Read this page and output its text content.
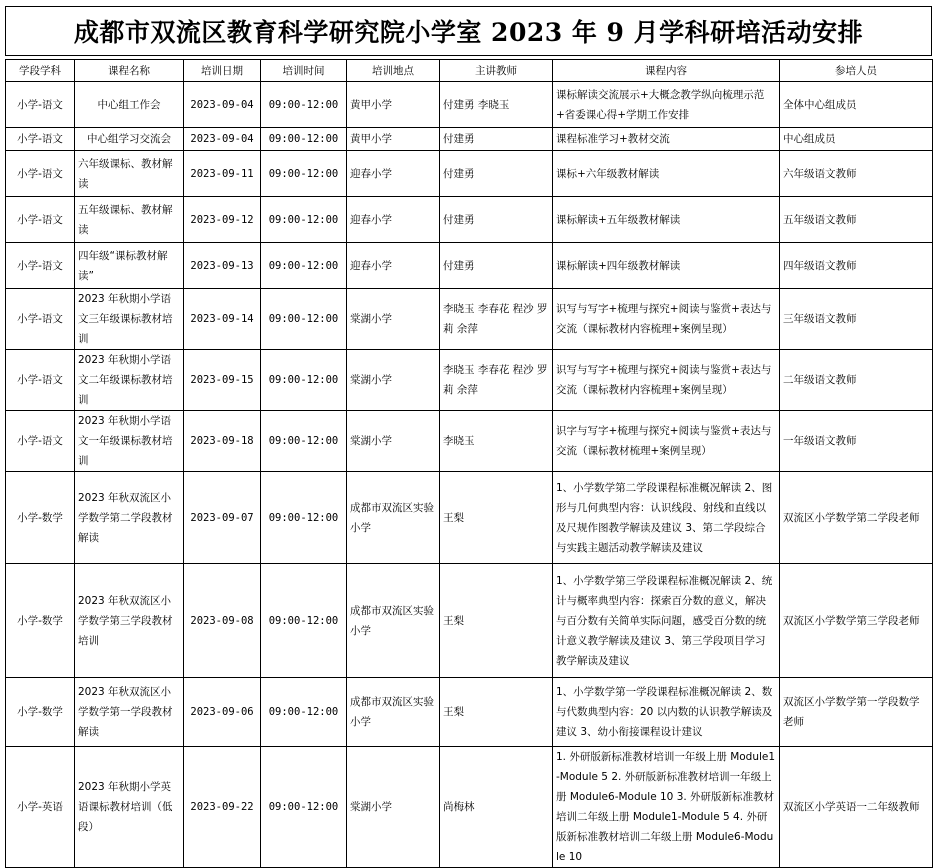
成都市双流区教育科学研究院小学室 2023 年 9 月学科研培活动安排
学段学科	课程名称	培训日期	培训时间	培训地点	主讲教师	课程内容	参培人员
小学-语文	中心组工作会	2023-09-04	09:00-12:00	黄甲小学	付建勇 李晓玉	课标解读交流展示+大概念教学纵向梳理示范+省委课心得+学期工作安排	全体中心组成员
小学-语文	中心组学习交流会	2023-09-04	09:00-12:00	黄甲小学	付建勇	课程标准学习+教材交流	中心组成员
小学-语文	六年级课标、教材解读	2023-09-11	09:00-12:00	迎春小学	付建勇	课标+六年级教材解读	六年级语文教师
小学-语文	五年级课标、教材解读	2023-09-12	09:00-12:00	迎春小学	付建勇	课标解读+五年级教材解读	五年级语文教师
小学-语文	四年级“课标教材解读”	2023-09-13	09:00-12:00	迎春小学	付建勇	课标解读+四年级教材解读	四年级语文教师
小学-语文	2023 年秋期小学语文三年级课标教材培训	2023-09-14	09:00-12:00	棠湖小学	李晓玉 李春花 程沙 罗莉 余萍	识写与写字+梳理与探究+阅读与鉴赏+表达与交流（课标教材内容梳理+案例呈现）	三年级语文教师
小学-语文	2023 年秋期小学语文二年级课标教材培训	2023-09-15	09:00-12:00	棠湖小学	李晓玉 李春花 程沙 罗莉 余萍	识写与写字+梳理与探究+阅读与鉴赏+表达与交流（课标教材内容梳理+案例呈现）	二年级语文教师
小学-语文	2023 年秋期小学语文一年级课标教材培训	2023-09-18	09:00-12:00	棠湖小学	李晓玉	识字与写字+梳理与探究+阅读与鉴赏+表达与交流（课标教材梳理+案例呈现）	一年级语文教师
小学-数学	2023 年秋双流区小学数学第二学段教材解读	2023-09-07	09:00-12:00	成都市双流区实验小学	王梨	1、小学数学第二学段课程标准概况解读 2、图形与几何典型内容：认识线段、射线和直线以及尺规作图教学解读及建议 3、第二学段综合与实践主题活动教学解读及建议	双流区小学数学第二学段老师
小学-数学	2023 年秋双流区小学数学第三学段教材培训	2023-09-08	09:00-12:00	成都市双流区实验小学	王梨	1、小学数学第三学段课程标准概况解读 2、统计与概率典型内容：探索百分数的意义，解决与百分数有关简单实际问题，感受百分数的统计意义教学解读及建议 3、第三学段项目学习教学解读及建议	双流区小学数学第三学段老师
小学-数学	2023 年秋双流区小学数学第一学段教材解读	2023-09-06	09:00-12:00	成都市双流区实验小学	王梨	1、小学数学第一学段课程标准概况解读 2、数与代数典型内容：20 以内数的认识教学解读及建议 3、幼小衔接课程设计建议	双流区小学数学第一学段数学老师
小学-英语	2023 年秋期小学英语课标教材培训（低段）	2023-09-22	09:00-12:00	棠湖小学	尚梅林	1. 外研版新标准教材培训一年级上册 Module1-Module 5 2. 外研版新标准教材培训一年级上册 Module6-Module 10 3. 外研版新标准教材培训二年级上册 Module1-Module 5 4. 外研版新标准教材培训二年级上册 Module6-Module 10	双流区小学英语一二年级教师
